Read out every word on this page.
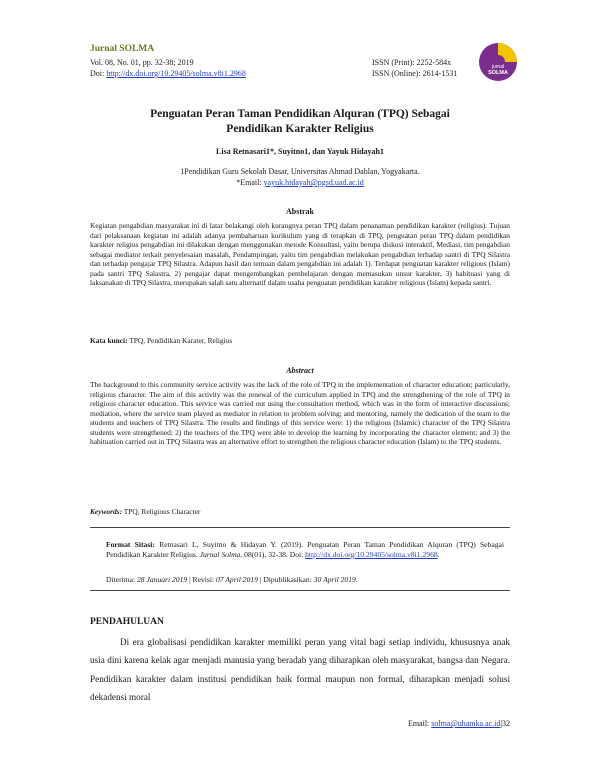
Jurnal SOLMA
Vol. 08, No. 01, pp. 32-38; 2019
Doi: http://dx.doi.org/10.29405/solma.v8i1.2968
ISSN (Print): 2252-584x
ISSN (Online): 2614-1531
jurnal
SOLMA
Penguatan Peran Taman Pendidikan Alquran (TPQ) Sebagai
Pendidikan Karakter Religius
Lisa Retnasari1*, Suyitno1, dan Yayuk Hidayah1
1Pendidikan Guru Sekolah Dasar, Universitas Ahmad Dahlan, Yogyakarta.
*Email: yayuk.hidayah@pgsd.uad.ac.id
Abstrak
Kegiatan pengabdian masyarakat ini di latar belakangi oleh kurangnya peran TPQ dalam penanaman pendidikan karakter (religius). Tujuan dari pelaksanaan kegiatan ini adalah adanya pembaharuan kurikulum yang di terapkan di TPQ, penguatan peran TPQ dalam pendidikan karakter religius pengabdian ini dilakukan dengan menggunakan metode Konsultasi, yaitu berupa diskusi interaktif, Mediasi, tim pengabdian sebagai mediator terkait penyelesaian masalah, Pendampingan, yaitu tim pengabdian melakukan pengabdian terhadap santri di TPQ Silastra dan terhadap pengajar TPQ Silastra. Adapun hasil dan temuan dalam pengabdian ini adalah 1). Terdapat penguatan karakter religious (Islam) pada santri TPQ Salastra, 2) pengajar dapat mengembangkan pembelajaran dengan memasukan unsur karakter, 3) habituasi yang di laksanakan di TPQ Silastra, merupakan salah satu alternatif dalam usaha penguatan pendidikan karakter religious (Islam) kepada santri.
Kata kunci: TPQ, Pendidikan Karater, Religius
Abstract
The background to this community service activity was the lack of the role of TPQ in the implementation of character education; particularly, religious character. The aim of this activity was the renewal of the curriculum applied in TPQ and the strengthening of the role of TPQ in religious character education. This service was carried out using the consultation method, which was in the form of interactive discussions; mediation, where the service team played as mediator in relation to problem solving; and mentoring, namely the dedication of the team to the students and teachers of TPQ Silastra. The results and findings of this service were: 1) the religious (Islamic) character of the TPQ Silastra students were strengthened; 2) the teachers of the TPQ were able to develop the learning by incorporating the character element; and 3) the habituation carried out in TPQ Silastra was an alternative effort to strengthen the religious character education (Islam) to the TPQ students.
Keywords: TPQ, Religious Character
Format Sitasi: Retnasari L, Suyitno & Hidayan Y. (2019). Penguatan Peran Taman Pendidikan Alquran (TPQ) Sebagai Pendidikan Karakter Religius. Jurnal Solma, 08(01), 32-38. Doi: http://dx.doi.org/10.29405/solma.v8i1.2968.
Diterima: 28 Januari 2019 | Revisi: 07 April 2019 | Dipublikasikan: 30 April 2019.
PENDAHULUAN
Di era globalisasi pendidikan karakter memiliki peran yang vital bagi setiap individu, khususnya anak usia dini karena kelak agar menjadi manusia yang beradab yang diharapkan oleh masyarakat, bangsa dan Negara. Pendidikan karakter dalam institusi pendidikan baik formal maupun non formal, diharapkan menjadi solusi dekadensi moral
Email: solma@uhamka.ac.id|32
